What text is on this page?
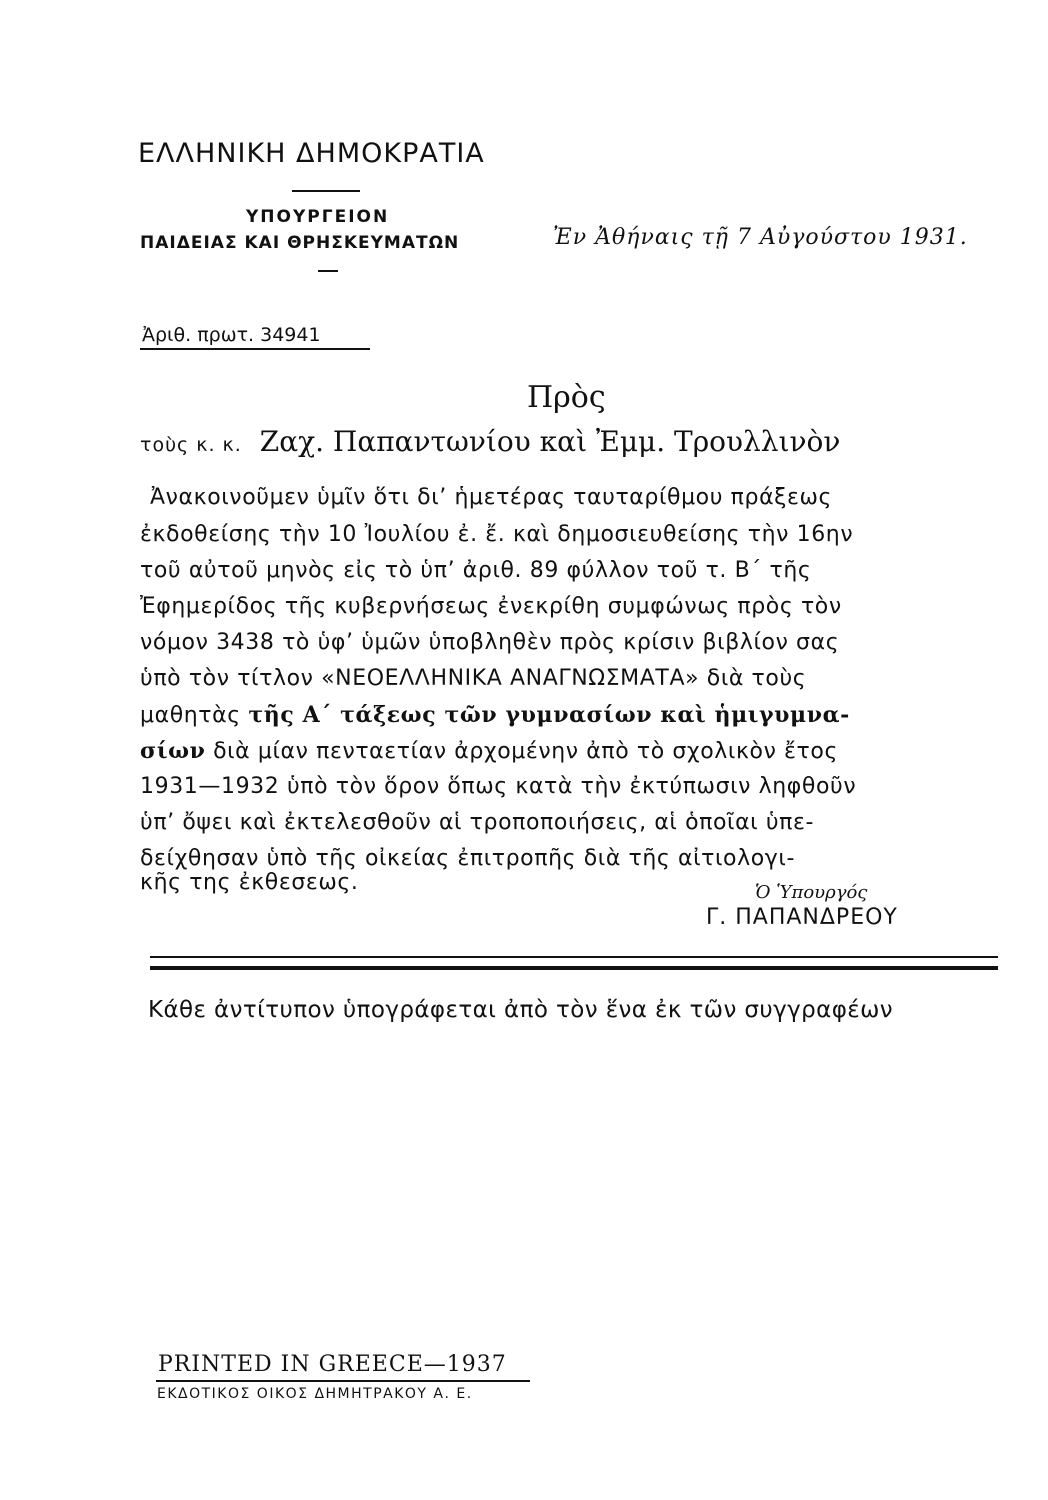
ΕΛΛΗΝΙΚΗ ΔΗΜΟΚΡΑΤΙΑ
ΥΠΟΥΡΓΕΙΟΝ
ΠΑΙΔΕΙΑΣ ΚΑΙ ΘΡΗΣΚΕΥΜΑΤΩΝ	Ἐν Ἀθήναις τῇ 7 Αὐγούστου 1931.
Ἀριθ. πρωτ. 34941
Πρὸς
τοὺς κ. κ. Ζαχ. Παπαντωνίου καὶ Ἐμμ. Τρουλλινὸν
Ἀνακοινοῦμεν ὑμῖν ὅτι δι’ ἡμετέρας ταυταρίθμου πράξεως
ἐκδοθείσης τὴν 10 Ἰουλίου ἐ. ἔ. καὶ δημοσιευθείσης τὴν 16ην
τοῦ αὐτοῦ μηνὸς εἰς τὸ ὑπ’ ἀριθ. 89 φύλλον τοῦ τ. Β΄ τῆς
Ἐφημερίδος τῆς κυβερνήσεως ἐνεκρίθη συμφώνως πρὸς τὸν
νόμον 3438 τὸ ὑφ’ ὑμῶν ὑποβληθὲν πρὸς κρίσιν βιβλίον σας
ὑπὸ τὸν τίτλον «ΝΕΟΕΛΛΗΝΙΚΑ ΑΝΑΓΝΩΣΜΑΤΑ» διὰ τοὺς
μαθητὰς τῆς Α΄ τάξεως τῶν γυμνασίων καὶ ἡμιγυμνα-
σίων διὰ μίαν πενταετίαν ἀρχομένην ἀπὸ τὸ σχολικὸν ἔτος
1931—1932 ὑπὸ τὸν ὅρον ὅπως κατὰ τὴν ἐκτύπωσιν ληφθοῦν
ὑπ’ ὄψει καὶ ἐκτελεσθοῦν αἱ τροποποιήσεις, αἱ ὁποῖαι ὑπε-
δείχθησαν ὑπὸ τῆς οἰκείας ἐπιτροπῆς διὰ τῆς αἰτιολογι-
κῆς της ἐκθεσεως.	Ὁ Ὑπουργός
Γ. ΠΑΠΑΝΔΡΕΟΥ
Κάθε ἀντίτυπον ὑπογράφεται ἀπὸ τὸν ἕνα ἐκ τῶν συγγραφέων
PRINTED IN GREECE—1937
ΕΚΔΟΤΙΚΟΣ ΟΙΚΟΣ ΔΗΜΗΤΡΑΚΟΥ Α. Ε.
